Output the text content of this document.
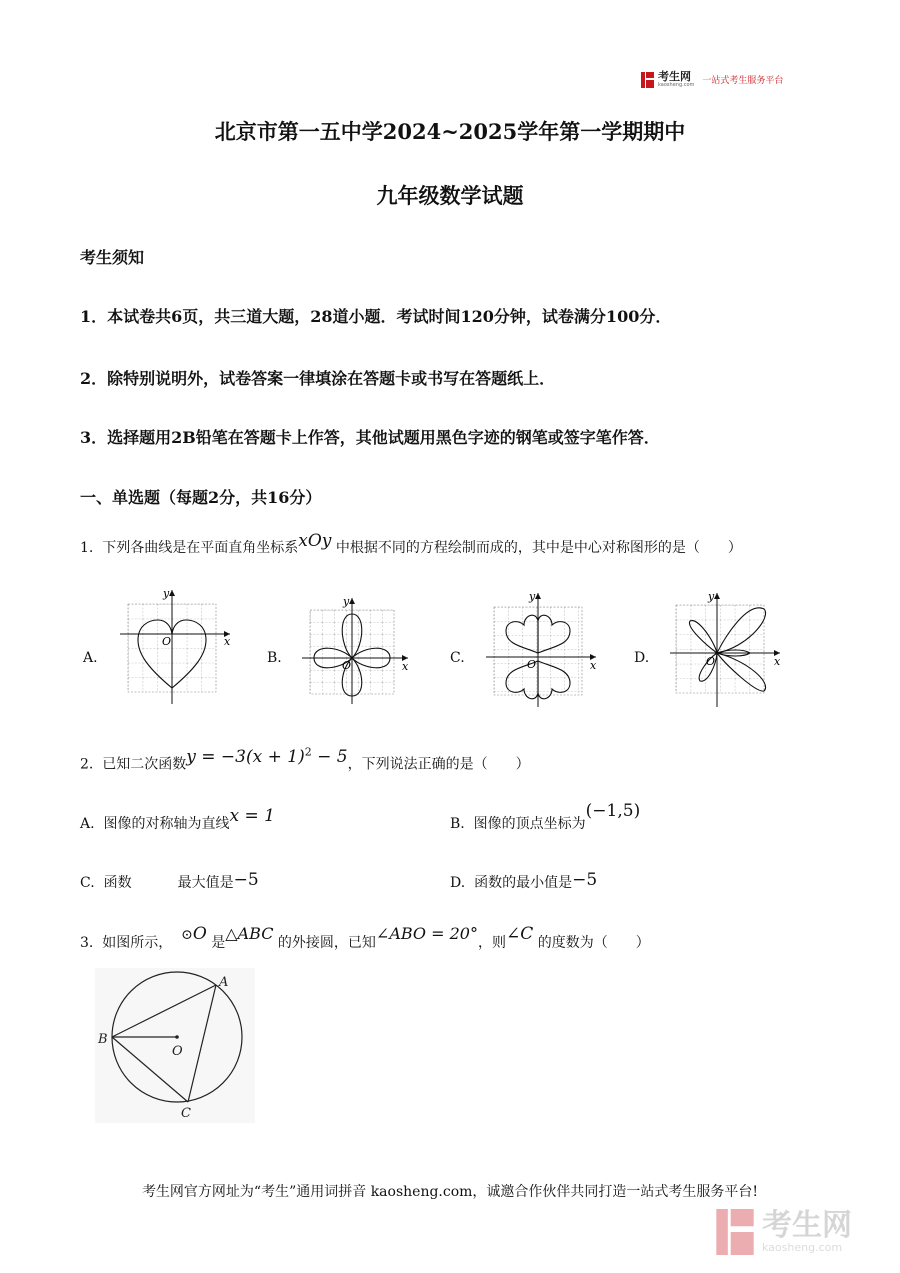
考生网
kaosheng.com 一站式考生服务平台
北京市第一五中学2024~2025学年第一学期期中
九年级数学试题
考生须知
1．本试卷共6页，共三道大题，28道小题．考试时间120分钟，试卷满分100分．
2．除特别说明外，试卷答案一律填涂在答题卡或书写在答题纸上．
3．选择题用2B铅笔在答题卡上作答，其他试题用黑色字迹的钢笔或签字笔作答．
一、单选题（每题2分，共16分）
1. 下列各曲线是在平面直角坐标系xOy 中根据不同的方程绘制而成的，其中是中心对称图形的是（　　）
A.	B.	C.	D.
x
y
O
x
y
O	x
y
O	x
y
O
2. 已知二次函数$y = -3(x + 1)^2 - 5$，下列说法正确的是（　　）
A. 图像的对称轴为直线x = 1	B. 图像的顶点坐标为(−1,5)
C. 函数	最大值是−5	D. 函数的最小值是−5
3. 如图所示， ⊙O 是△ABC 的外接圆，已知∠ABO = 20°，则∠C 的度数为（　　）
A
B
C
O
考生网官方网址为“考生”通用词拼音 kaosheng.com，诚邀合作伙伴共同打造一站式考生服务平台!
考生网
kaosheng.com
